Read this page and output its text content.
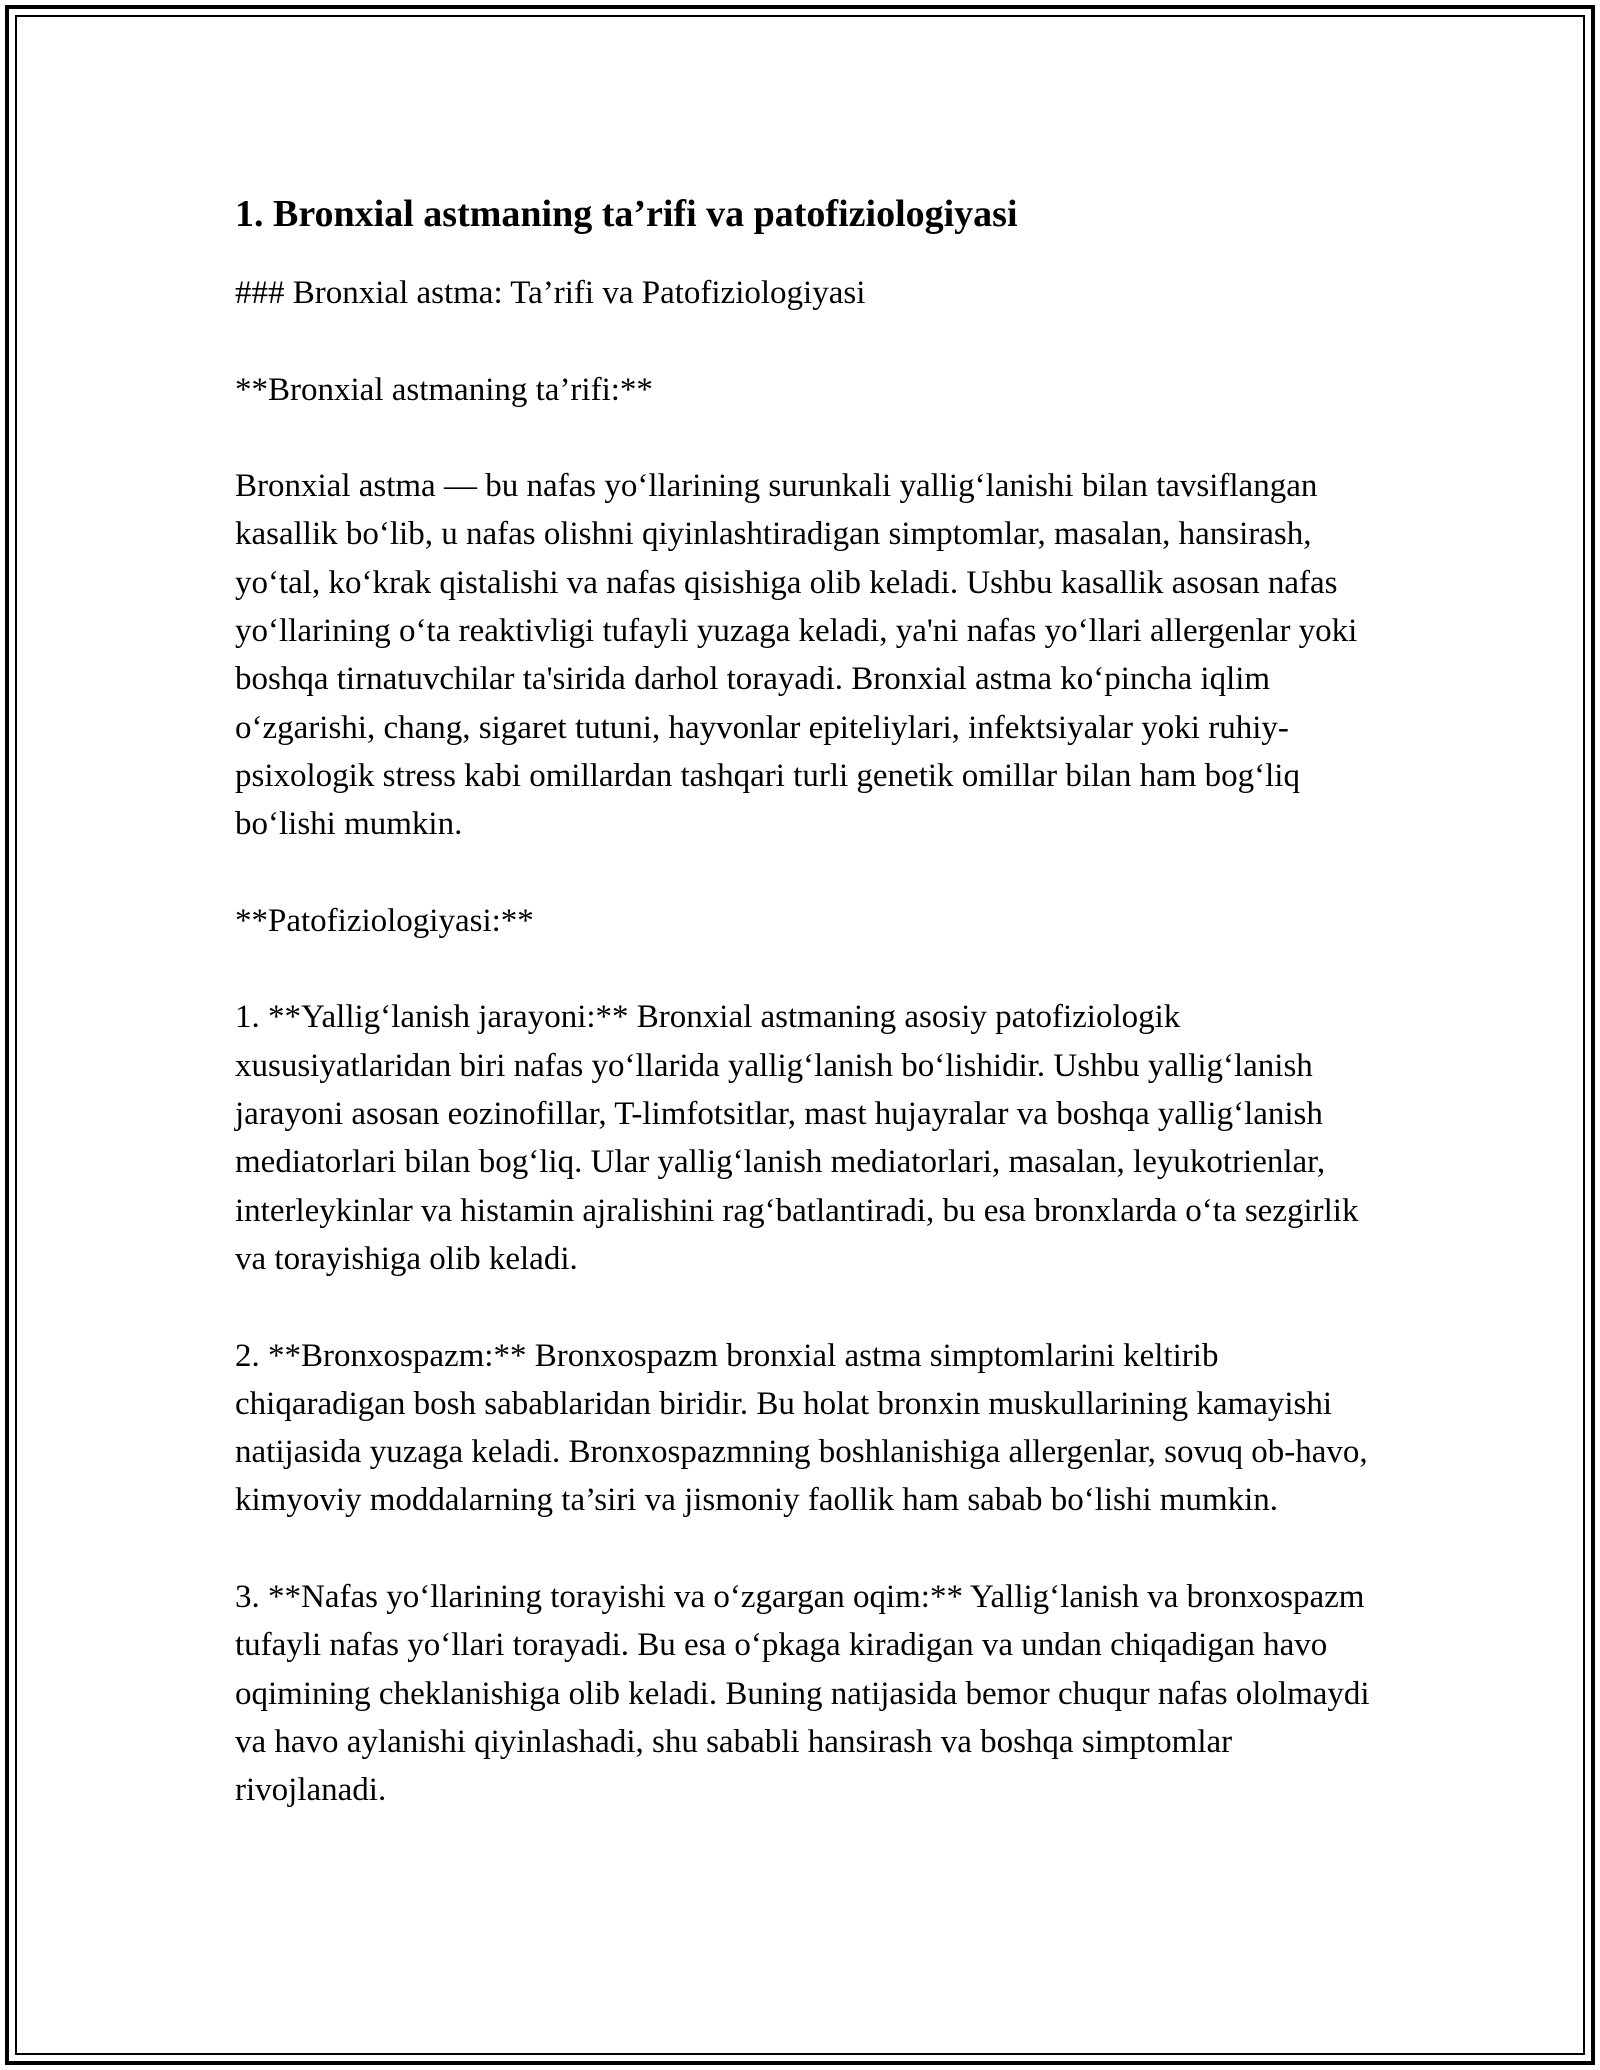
1. Bronxial astmaning ta’rifi va patofiziologiyasi

### Bronxial astma: Ta’rifi va Patofiziologiyasi

**Bronxial astmaning ta’rifi:**

Bronxial astma — bu nafas yo‘llarining surunkali yallig‘lanishi bilan tavsiflangan kasallik bo‘lib, u nafas olishni qiyinlashtiradigan simptomlar, masalan, hansirash, yo‘tal, ko‘krak qistalishi va nafas qisishiga olib keladi. Ushbu kasallik asosan nafas yo‘llarining o‘ta reaktivligi tufayli yuzaga keladi, ya'ni nafas yo‘llari allergenlar yoki boshqa tirnatuvchilar ta'sirida darhol torayadi. Bronxial astma ko‘pincha iqlim o‘zgarishi, chang, sigaret tutuni, hayvonlar epiteliylari, infektsiyalar yoki ruhiy-psixologik stress kabi omillardan tashqari turli genetik omillar bilan ham bog‘liq bo‘lishi mumkin.

**Patofiziologiyasi:**

1. **Yallig‘lanish jarayoni:** Bronxial astmaning asosiy patofiziologik xususiyatlaridan biri nafas yo‘llarida yallig‘lanish bo‘lishidir. Ushbu yallig‘lanish jarayoni asosan eozinofillar, T-limfotsitlar, mast hujayralar va boshqa yallig‘lanish mediatorlari bilan bog‘liq. Ular yallig‘lanish mediatorlari, masalan, leyukotrienlar, interleykinlar va histamin ajralishini rag‘batlantiradi, bu esa bronxlarda o‘ta sezgirlik va torayishiga olib keladi.

2. **Bronxospazm:** Bronxospazm bronxial astma simptomlarini keltirib chiqaradigan bosh sabablaridan biridir. Bu holat bronxin muskullarining kamayishi natijasida yuzaga keladi. Bronxospazmning boshlanishiga allergenlar, sovuq ob-havo, kimyoviy moddalarning ta’siri va jismoniy faollik ham sabab bo‘lishi mumkin.

3. **Nafas yo‘llarining torayishi va o‘zgargan oqim:** Yallig‘lanish va bronxospazm tufayli nafas yo‘llari torayadi. Bu esa o‘pkaga kiradigan va undan chiqadigan havo oqimining cheklanishiga olib keladi. Buning natijasida bemor chuqur nafas ololmaydi va havo aylanishi qiyinlashadi, shu sababli hansirash va boshqa simptomlar rivojlanadi.
